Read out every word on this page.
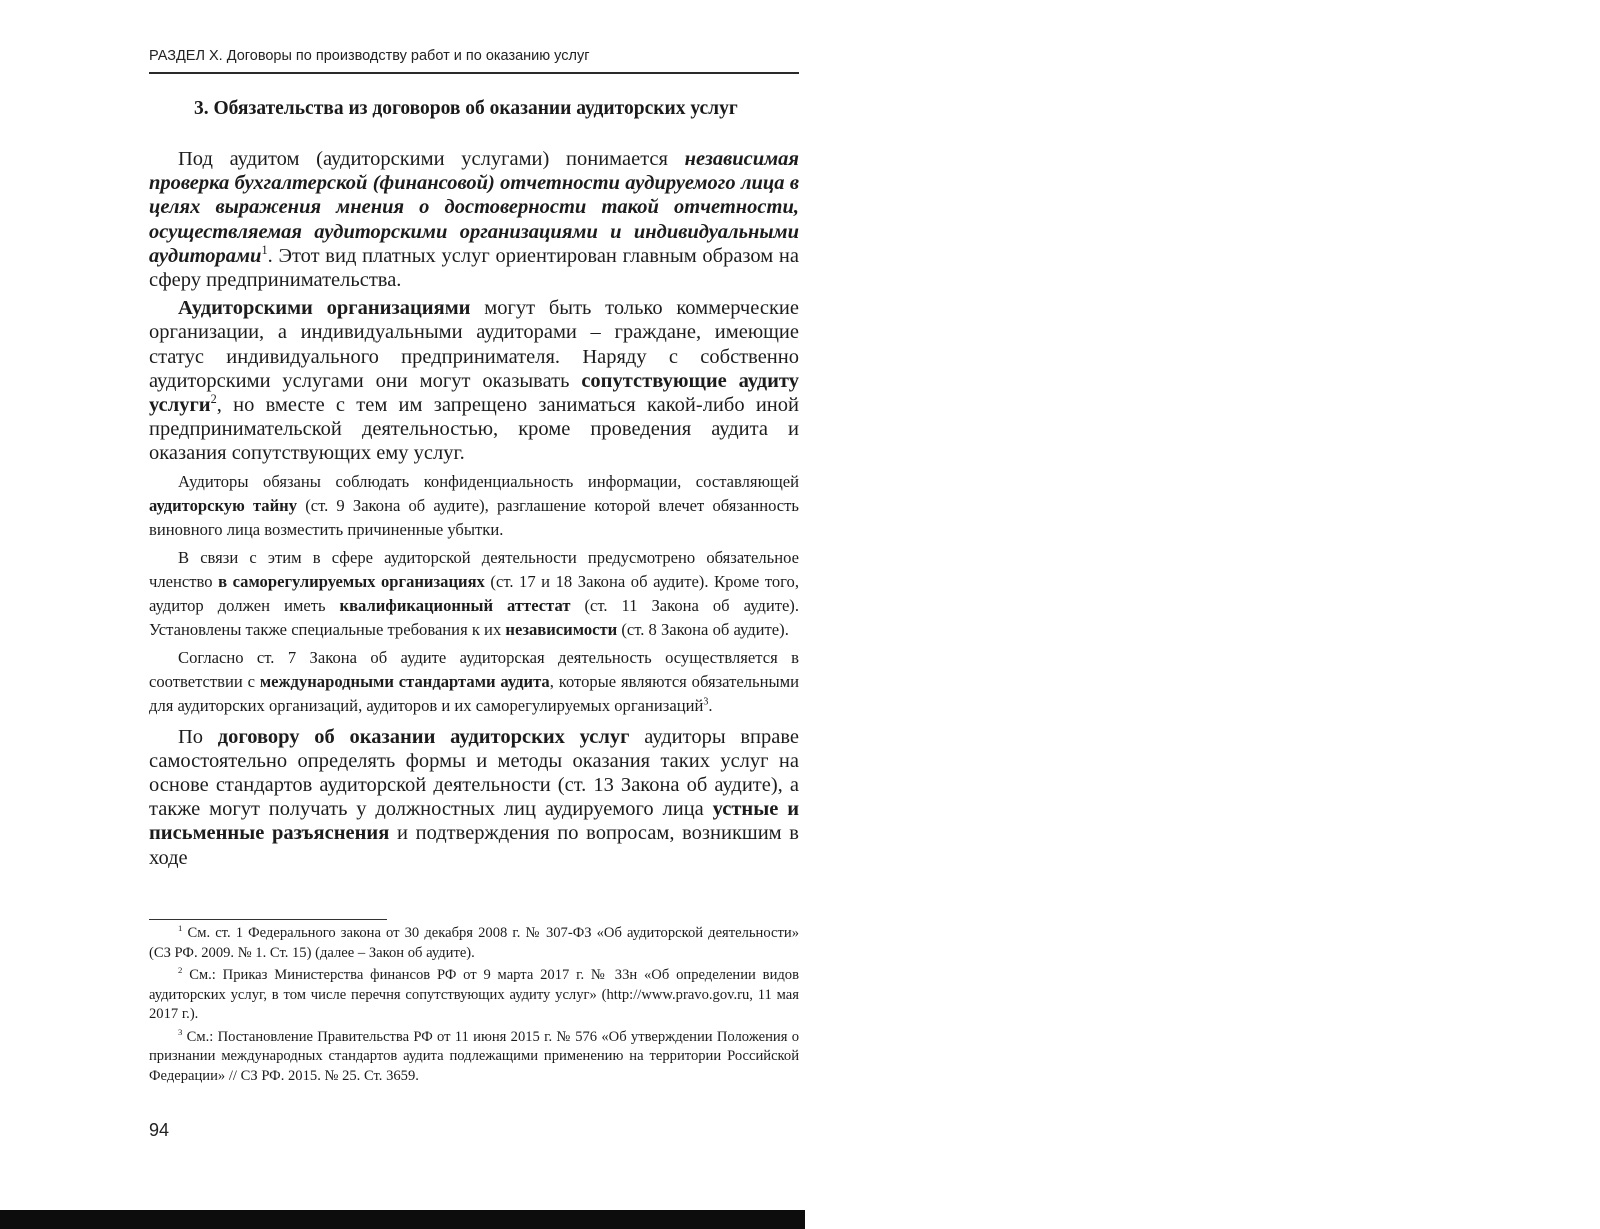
РАЗДЕЛ X. Договоры по производству работ и по оказанию услуг
3. Обязательства из договоров об оказании аудиторских услуг

Под аудитом (аудиторскими услугами) понимается независимая проверка бухгалтерской (финансовой) отчетности аудируемого лица в целях выражения мнения о достоверности такой отчетности, осуществляемая аудиторскими организациями и индивидуальными аудиторами$^1$. Этот вид платных услуг ориентирован главным образом на сферу предпринимательства.

Аудиторскими организациями могут быть только коммерческие организации, а индивидуальными аудиторами – граждане, имеющие статус индивидуального предпринимателя. Наряду с собственно аудиторскими услугами они могут оказывать сопутствующие аудиту услуги$^2$, но вместе с тем им запрещено заниматься какой-либо иной предпринимательской деятельностью, кроме проведения аудита и оказания сопутствующих ему услуг.

Аудиторы обязаны соблюдать конфиденциальность информации, составляющей аудиторскую тайну (ст. 9 Закона об аудите), разглашение которой влечет обязанность виновного лица возместить причиненные убытки.

В связи с этим в сфере аудиторской деятельности предусмотрено обязательное членство в саморегулируемых организациях (ст. 17 и 18 Закона об аудите). Кроме того, аудитор должен иметь квалификационный аттестат (ст. 11 Закона об аудите). Установлены также специальные требования к их независимости (ст. 8 Закона об аудите).

Согласно ст. 7 Закона об аудите аудиторская деятельность осуществляется в соответствии с международными стандартами аудита, которые являются обязательными для аудиторских организаций, аудиторов и их саморегулируемых организаций$^3$.

По договору об оказании аудиторских услуг аудиторы вправе самостоятельно определять формы и методы оказания таких услуг на основе стандартов аудиторской деятельности (ст. 13 Закона об аудите), а также могут получать у должностных лиц аудируемого лица устные и письменные разъяснения и подтверждения по вопросам, возникшим в ходе

$^1$ См. ст. 1 Федерального закона от 30 декабря 2008 г. № 307-ФЗ «Об аудиторской деятельности» (СЗ РФ. 2009. № 1. Ст. 15) (далее – Закон об аудите).

$^2$ См.: Приказ Министерства финансов РФ от 9 марта 2017 г. № 33н «Об определении видов аудиторских услуг, в том числе перечня сопутствующих аудиту услуг» (http://www.pravo.gov.ru, 11 мая 2017 г.).

$^3$ См.: Постановление Правительства РФ от 11 июня 2015 г. № 576 «Об утверждении Положения о признании международных стандартов аудита подлежащими применению на территории Российской Федерации» // СЗ РФ. 2015. № 25. Ст. 3659.

94
